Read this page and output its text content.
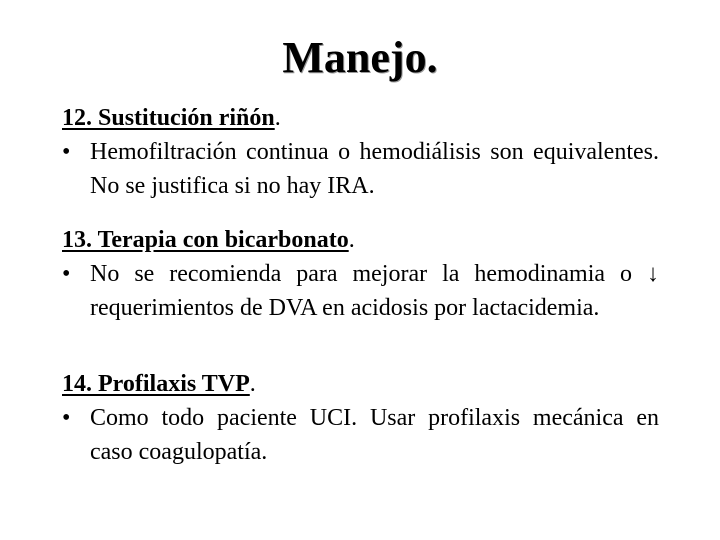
Manejo.
12. Sustitución riñón.
• Hemofiltración continua o hemodiálisis son equivalentes. No se justifica si no hay IRA.
13. Terapia con bicarbonato.
• No se recomienda para mejorar la hemodinamia o ↓ requerimientos de DVA en acidosis por lactacidemia.
14. Profilaxis TVP.
• Como todo paciente UCI. Usar profilaxis mecánica en caso coagulopatía.
